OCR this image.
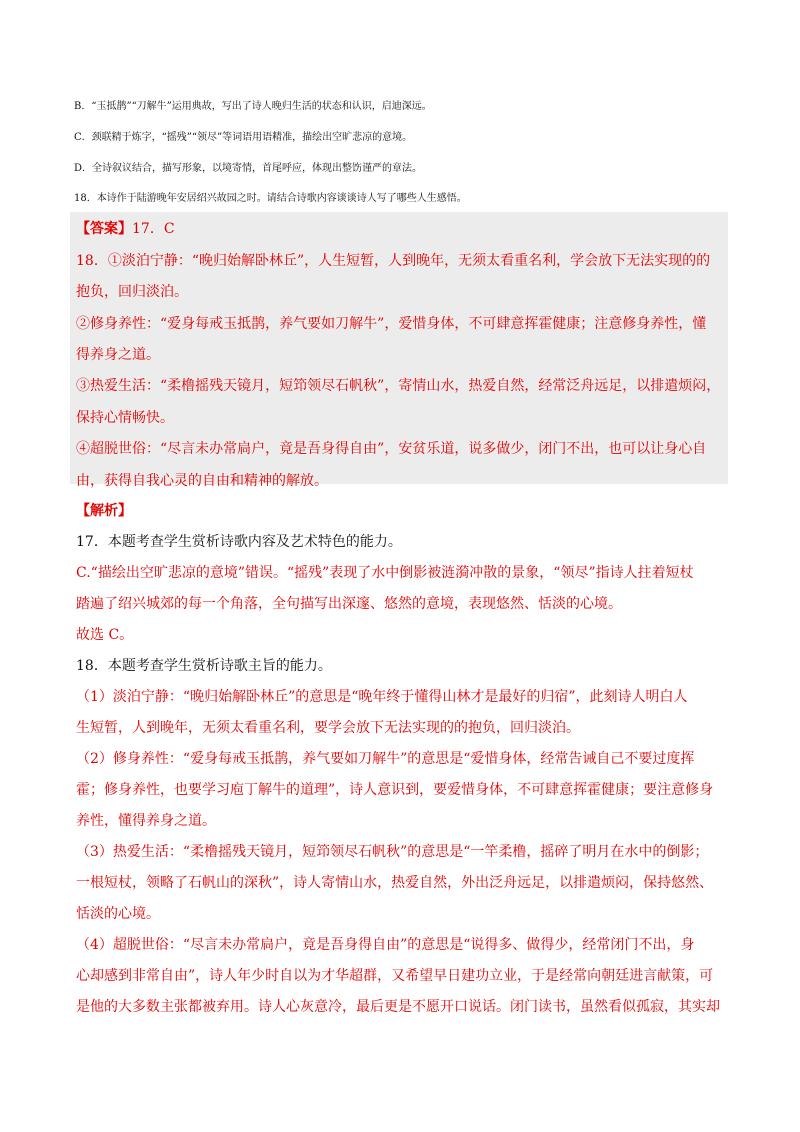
B．“玉抵鹊”“刀解牛”运用典故，写出了诗人晚归生活的状态和认识，启迪深远。
C．颈联精于炼字，“摇残”“领尽”等词语用语精准，描绘出空旷悲凉的意境。
D．全诗叙议结合，描写形象，以境寄情，首尾呼应，体现出整饬谨严的章法。
18．本诗作于陆游晚年安居绍兴故园之时。请结合诗歌内容谈谈诗人写了哪些人生感悟。
【答案】17．C
18．①淡泊宁静：“晚归始解卧林丘”，人生短暂，人到晚年，无须太看重名利，学会放下无法实现的的
抱负，回归淡泊。
②修身养性：“爱身每戒玉抵鹊，养气要如刀解牛”，爱惜身体，不可肆意挥霍健康；注意修身养性，懂
得养身之道。
③热爱生活：“柔橹摇残天镜月，短笻领尽石帆秋”，寄情山水，热爱自然，经常泛舟远足，以排遣烦闷，
保持心情畅快。
④超脱世俗：“尽言未办常扃户，竟是吾身得自由”，安贫乐道，说多做少，闭门不出，也可以让身心自
由，获得自我心灵的自由和精神的解放。
【解析】
17．本题考查学生赏析诗歌内容及艺术特色的能力。
C.“描绘出空旷悲凉的意境”错误。“摇残”表现了水中倒影被涟漪冲散的景象，“领尽”指诗人拄着短杖
踏遍了绍兴城郊的每一个角落，全句描写出深邃、悠然的意境，表现悠然、恬淡的心境。
故选 C。
18．本题考查学生赏析诗歌主旨的能力。
（1）淡泊宁静：“晚归始解卧林丘”的意思是“晚年终于懂得山林才是最好的归宿”，此刻诗人明白人
生短暂，人到晚年，无须太看重名利，要学会放下无法实现的的抱负，回归淡泊。
（2）修身养性：“爱身每戒玉抵鹊，养气要如刀解牛”的意思是“爱惜身体，经常告诫自己不要过度挥
霍；修身养性，也要学习庖丁解牛的道理”，诗人意识到，要爱惜身体，不可肆意挥霍健康；要注意修身
养性，懂得养身之道。
（3）热爱生活：“柔橹摇残天镜月，短笻领尽石帆秋”的意思是“一竿柔橹，摇碎了明月在水中的倒影；
一根短杖，领略了石帆山的深秋”，诗人寄情山水，热爱自然，外出泛舟远足，以排遣烦闷，保持悠然、
恬淡的心境。
（4）超脱世俗：“尽言未办常扃户，竟是吾身得自由”的意思是“说得多、做得少，经常闭门不出，身
心却感到非常自由”，诗人年少时自以为才华超群，又希望早日建功立业，于是经常向朝廷进言献策，可
是他的大多数主张都被弃用。诗人心灰意冷，最后更是不愿开口说话。闭门读书，虽然看似孤寂，其实却
